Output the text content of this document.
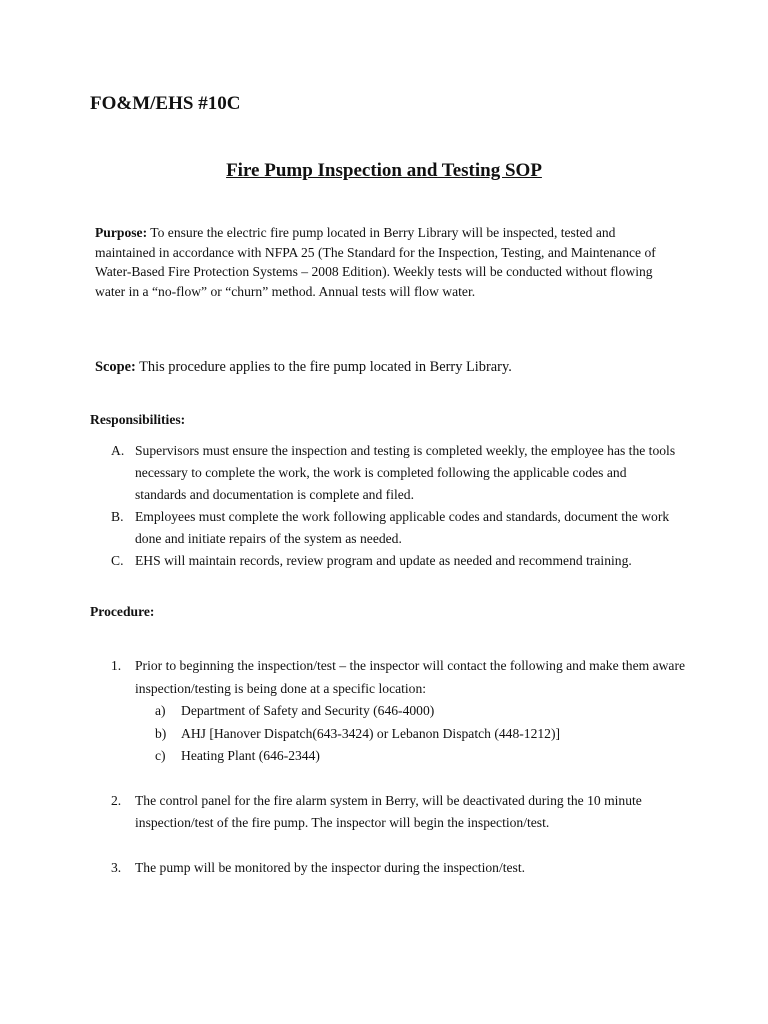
FO&M/EHS #10C
Fire Pump Inspection and Testing SOP

Purpose: To ensure the electric fire pump located in Berry Library will be inspected, tested and maintained in accordance with NFPA 25 (The Standard for the Inspection, Testing, and Maintenance of Water-Based Fire Protection Systems – 2008 Edition). Weekly tests will be conducted without flowing water in a “no-flow” or “churn” method. Annual tests will flow water.

Scope: This procedure applies to the fire pump located in Berry Library.

Responsibilities:
A. Supervisors must ensure the inspection and testing is completed weekly, the employee has the tools necessary to complete the work, the work is completed following the applicable codes and standards and documentation is complete and filed.
B. Employees must complete the work following applicable codes and standards, document the work done and initiate repairs of the system as needed.
C. EHS will maintain records, review program and update as needed and recommend training.
Procedure:
1. Prior to beginning the inspection/test – the inspector will contact the following and make them aware inspection/testing is being done at a specific location:
a) Department of Safety and Security (646-4000)
b) AHJ [Hanover Dispatch(643-3424) or Lebanon Dispatch (448-1212)]
c) Heating Plant (646-2344)
2. The control panel for the fire alarm system in Berry, will be deactivated during the 10 minute inspection/test of the fire pump. The inspector will begin the inspection/test.
3. The pump will be monitored by the inspector during the inspection/test.
